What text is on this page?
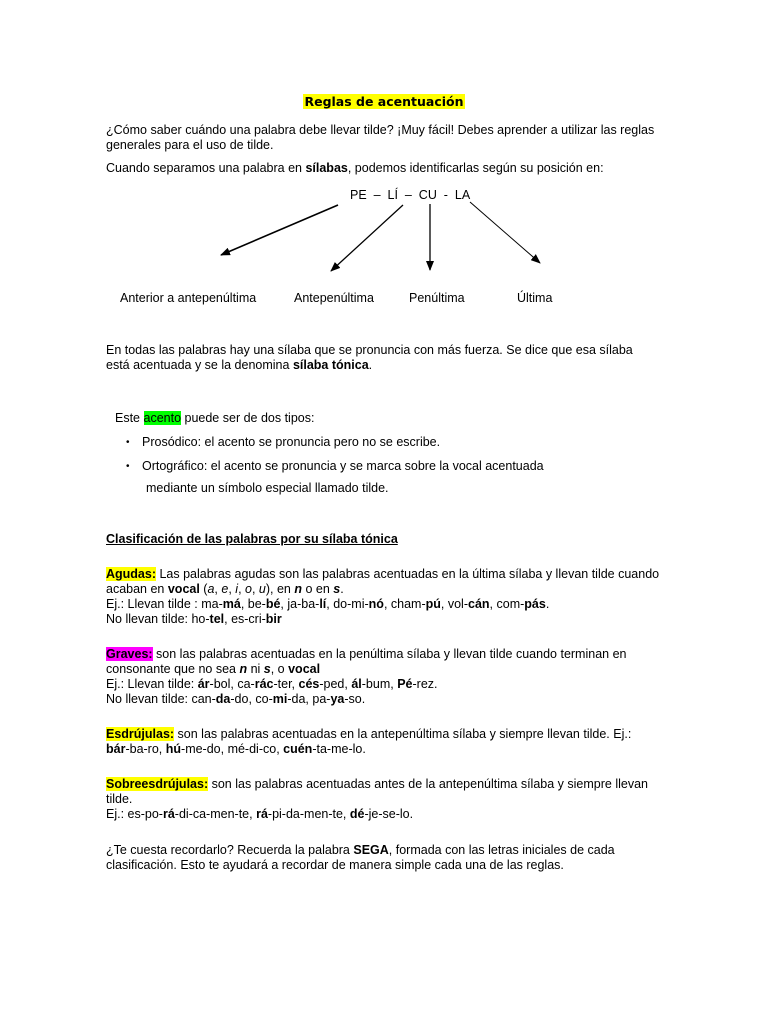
Reglas de acentuación

¿Cómo saber cuándo una palabra debe llevar tilde? ¡Muy fácil! Debes aprender a utilizar las reglas

generales para el uso de tilde.

Cuando separamos una palabra en sílabas, podemos identificarlas según su posición en:
PE  –  LÍ  –  CU  -  LA
Anterior a antepenúltima	Antepenúltima	Penúltima	Última

En todas las palabras hay una sílaba que se pronuncia con más fuerza. Se dice que esa sílaba

está acentuada y se la denomina sílaba tónica.

Este acento puede ser de dos tipos:
• Prosódico: el acento se pronuncia pero no se escribe.
• Ortográfico: el acento se pronuncia y se marca sobre la vocal acentuada
mediante un símbolo especial llamado tilde.
Clasificación de las palabras por su sílaba tónica

Agudas: Las palabras agudas son las palabras acentuadas en la última sílaba y llevan tilde cuando

acaban en vocal (a, e, i, o, u), en n o en s.

Ej.: Llevan tilde : ma-má, be-bé, ja-ba-lí, do-mi-nó, cham-pú, vol-cán, com-pás.

No llevan tilde: ho-tel, es-cri-bir

Graves: son las palabras acentuadas en la penúltima sílaba y llevan tilde cuando terminan en

consonante que no sea n ni s, o vocal

Ej.: Llevan tilde: ár-bol, ca-rác-ter, cés-ped, ál-bum, Pé-rez.

No llevan tilde: can-da-do, co-mi-da, pa-ya-so.

Esdrújulas: son las palabras acentuadas en la antepenúltima sílaba y siempre llevan tilde. Ej.:

bár-ba-ro, hú-me-do, mé-di-co, cuén-ta-me-lo.

Sobreesdrújulas: son las palabras acentuadas antes de la antepenúltima sílaba y siempre llevan

tilde.

Ej.: es-po-rá-di-ca-men-te, rá-pi-da-men-te, dé-je-se-lo.

¿Te cuesta recordarlo? Recuerda la palabra SEGA, formada con las letras iniciales de cada

clasificación. Esto te ayudará a recordar de manera simple cada una de las reglas.
